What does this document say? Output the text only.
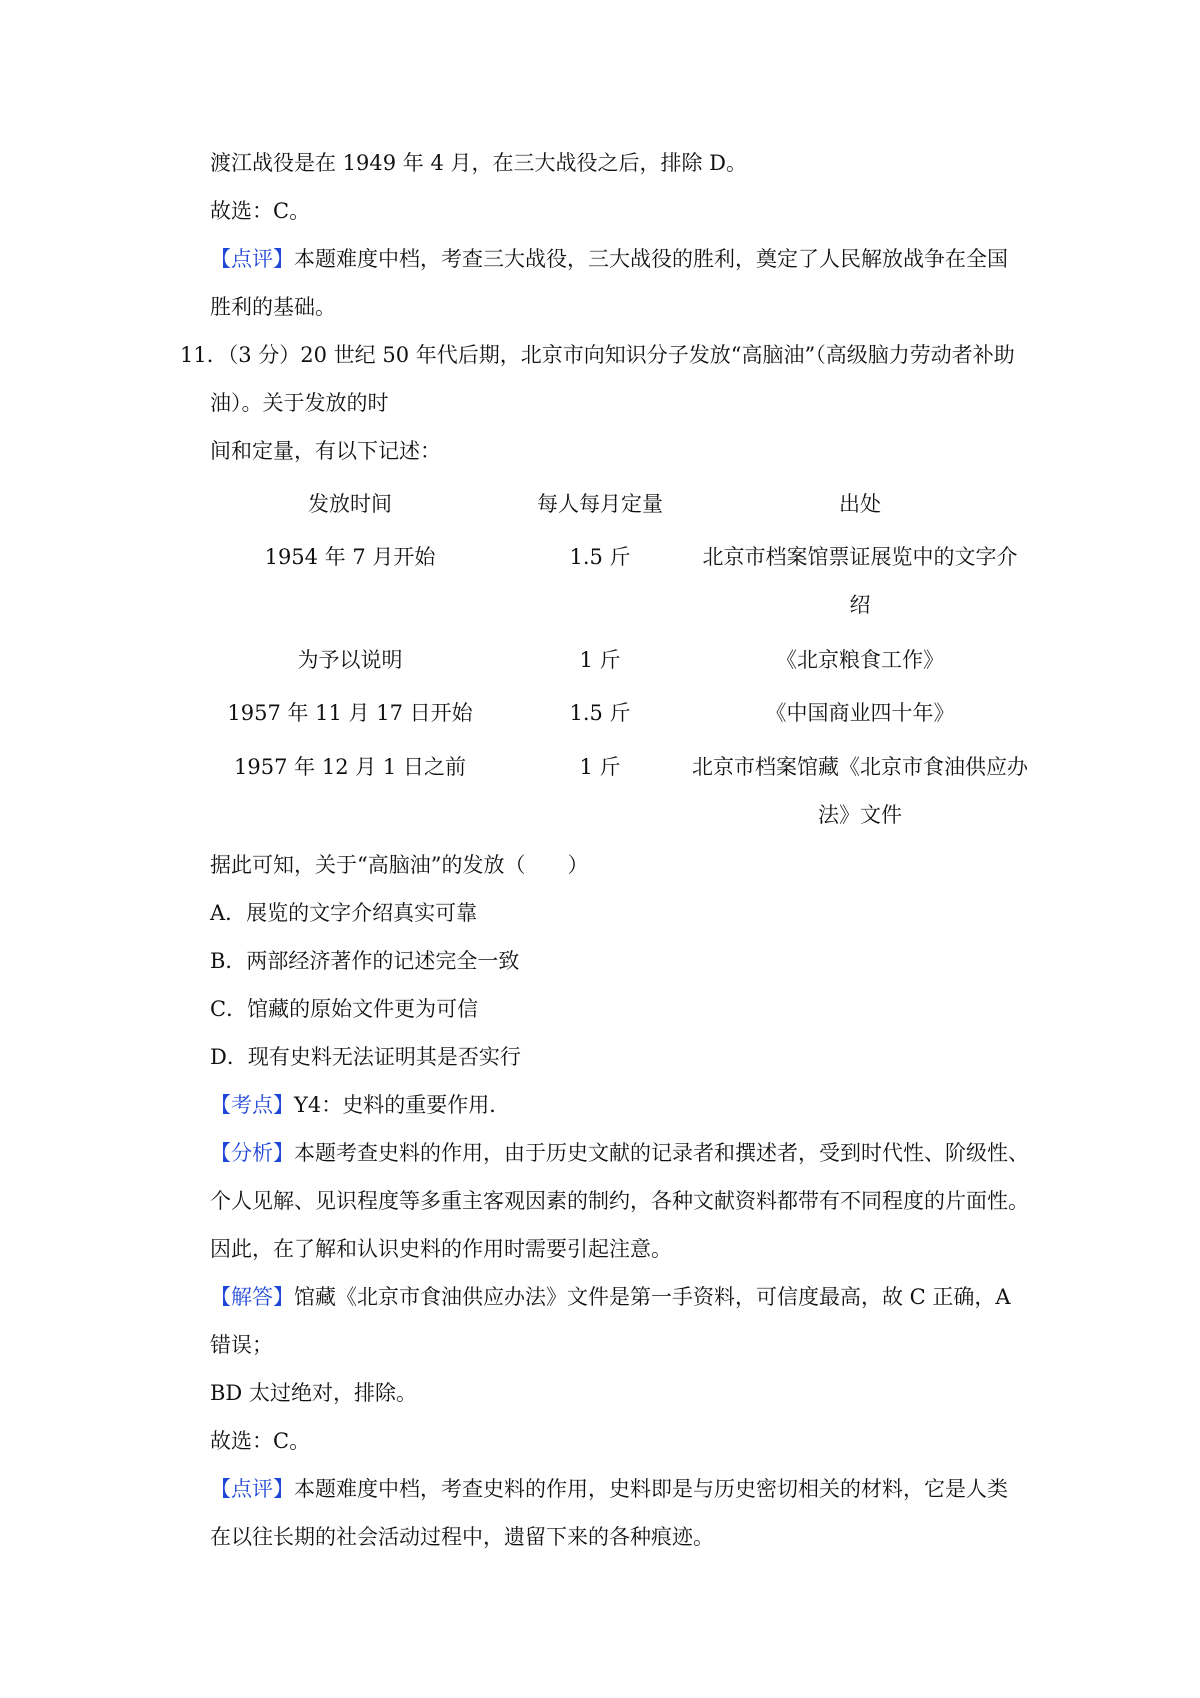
渡江战役是在 1949 年 4 月，在三大战役之后，排除 D。
故选：C。
【点评】本题难度中档，考查三大战役，三大战役的胜利，奠定了人民解放战争在全国
胜利的基础。
11．（3 分）20 世纪 50 年代后期，北京市向知识分子发放“高脑油”（高级脑力劳动者补助
油）。关于发放的时
间和定量，有以下记述：
发放时间	每人每月定量	出处
1954 年 7 月开始	1.5 斤	北京市档案馆票证展览中的文字介
绍
为予以说明	1 斤	《北京粮食工作》
1957 年 11 月 17 日开始	1.5 斤	《中国商业四十年》
1957 年 12 月 1 日之前	1 斤	北京市档案馆藏《北京市食油供应办
法》文件
据此可知，关于“高脑油”的发放（　　）
A．展览的文字介绍真实可靠
B．两部经济著作的记述完全一致
C．馆藏的原始文件更为可信
D．现有史料无法证明其是否实行
【考点】Y4：史料的重要作用．
【分析】本题考查史料的作用，由于历史文献的记录者和撰述者，受到时代性、阶级性、
个人见解、见识程度等多重主客观因素的制约，各种文献资料都带有不同程度的片面性。
因此，在了解和认识史料的作用时需要引起注意。
【解答】馆藏《北京市食油供应办法》文件是第一手资料，可信度最高，故 C 正确，A
错误；
BD 太过绝对，排除。
故选：C。
【点评】本题难度中档，考查史料的作用，史料即是与历史密切相关的材料，它是人类
在以往长期的社会活动过程中，遗留下来的各种痕迹。
